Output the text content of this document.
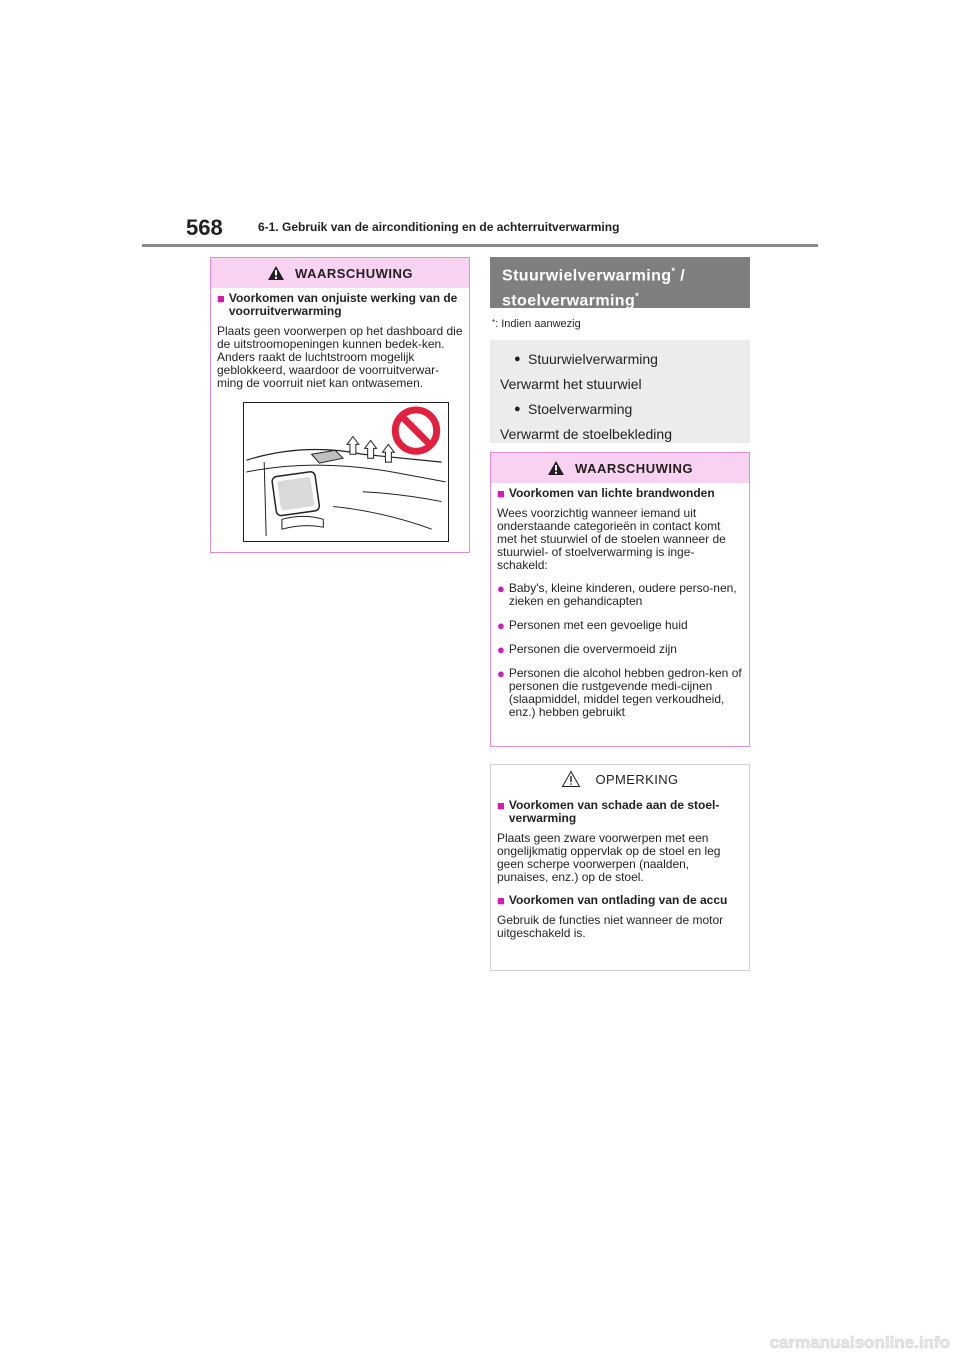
568	6-1. Gebruik van de airconditioning en de achterruitverwarming
WAARSCHUWING
■ Voorkomen van onjuiste werking van de voorruitverwarming
Plaats geen voorwerpen op het dashboard die de uitstroomopeningen kunnen bedek-ken. Anders raakt de luchtstroom mogelijk geblokkeerd, waardoor de voorruitverwar-ming de voorruit niet kan ontwasemen.
Stuurwielverwarming* /
stoelverwarming*
*: Indien aanwezig
● Stuurwielverwarming
Verwarmt het stuurwiel
● Stoelverwarming
Verwarmt de stoelbekleding
WAARSCHUWING
■ Voorkomen van lichte brandwonden
Wees voorzichtig wanneer iemand uit onderstaande categorieën in contact komt met het stuurwiel of de stoelen wanneer de stuurwiel- of stoelverwarming is inge-schakeld:
● Baby's, kleine kinderen, oudere perso-nen, zieken en gehandicapten
● Personen met een gevoelige huid
● Personen die oververmoeid zijn
● Personen die alcohol hebben gedron-ken of personen die rustgevende medi-cijnen (slaapmiddel, middel tegen verkoudheid, enz.) hebben gebruikt
OPMERKING
■ Voorkomen van schade aan de stoel-verwarming
Plaats geen zware voorwerpen met een ongelijkmatig oppervlak op de stoel en leg geen scherpe voorwerpen (naalden, punaises, enz.) op de stoel.
■ Voorkomen van ontlading van de accu
Gebruik de functies niet wanneer de motor uitgeschakeld is.
carmanualsonline.info
